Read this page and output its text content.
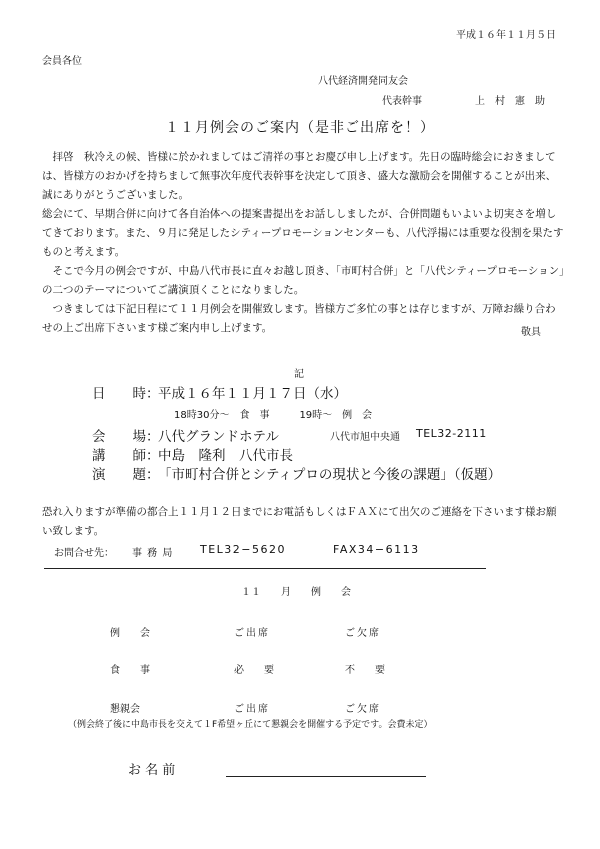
平成１６年１１月５日
会員各位
八代経済開発同友会
代表幹事	上　村　憲　助
１１月例会のご案内（是非ご出席を！）

　拝啓　秋冷えの候、皆様に於かれましてはご清祥の事とお慶び申し上げます。先日の臨時総会におきましては、皆様方のおかげを持ちまして無事次年度代表幹事を決定して頂き、盛大な激励会を開催することが出来、誠にありがとうございました。

総会にて、早期合併に向けて各自治体への提案書提出をお話ししましたが、合併問題もいよいよ切実さを増してきております。また、９月に発足したシティープロモーションセンターも、八代浮揚には重要な役割を果たすものと考えます。

　そこで今月の例会ですが、中島八代市長に直々お越し頂き、「市町村合併」と「八代シティープロモーション」の二つのテーマについてご講演頂くことになりました。

　つきましては下記日程にて１１月例会を開催致します。皆様方ご多忙の事とは存じますが、万障お繰り合わせの上ご出席下さいます様ご案内申し上げます。	敬具
記
日　　時：
平成１６年１１月１７日（水）
18時30分～　食　事　　　19時～　例　会
会　　場：
八代グランドホテル	八代市旭中央通 TEL32-2111
講　　師：
中島　隆利　八代市長
演　　題：
「市町村合併とシティプロの現状と今後の課題」（仮題）
恐れ入りますが準備の都合上１１月１２日までにお電話もしくはＦＡＸにて出欠のご連絡を下さいます様お願い致します。
お問合せ先： 事 務 局 TEL32−5620	FAX34−6113
１１　　月　　例　　会
例　　会	ご出席	ご欠席
食　　事	必　　要	不　　要
懇親会	ご出席	ご欠席
（例会終了後に中島市長を交えて１F希望ヶ丘にて懇親会を開催する予定です。会費未定）
お 名 前
